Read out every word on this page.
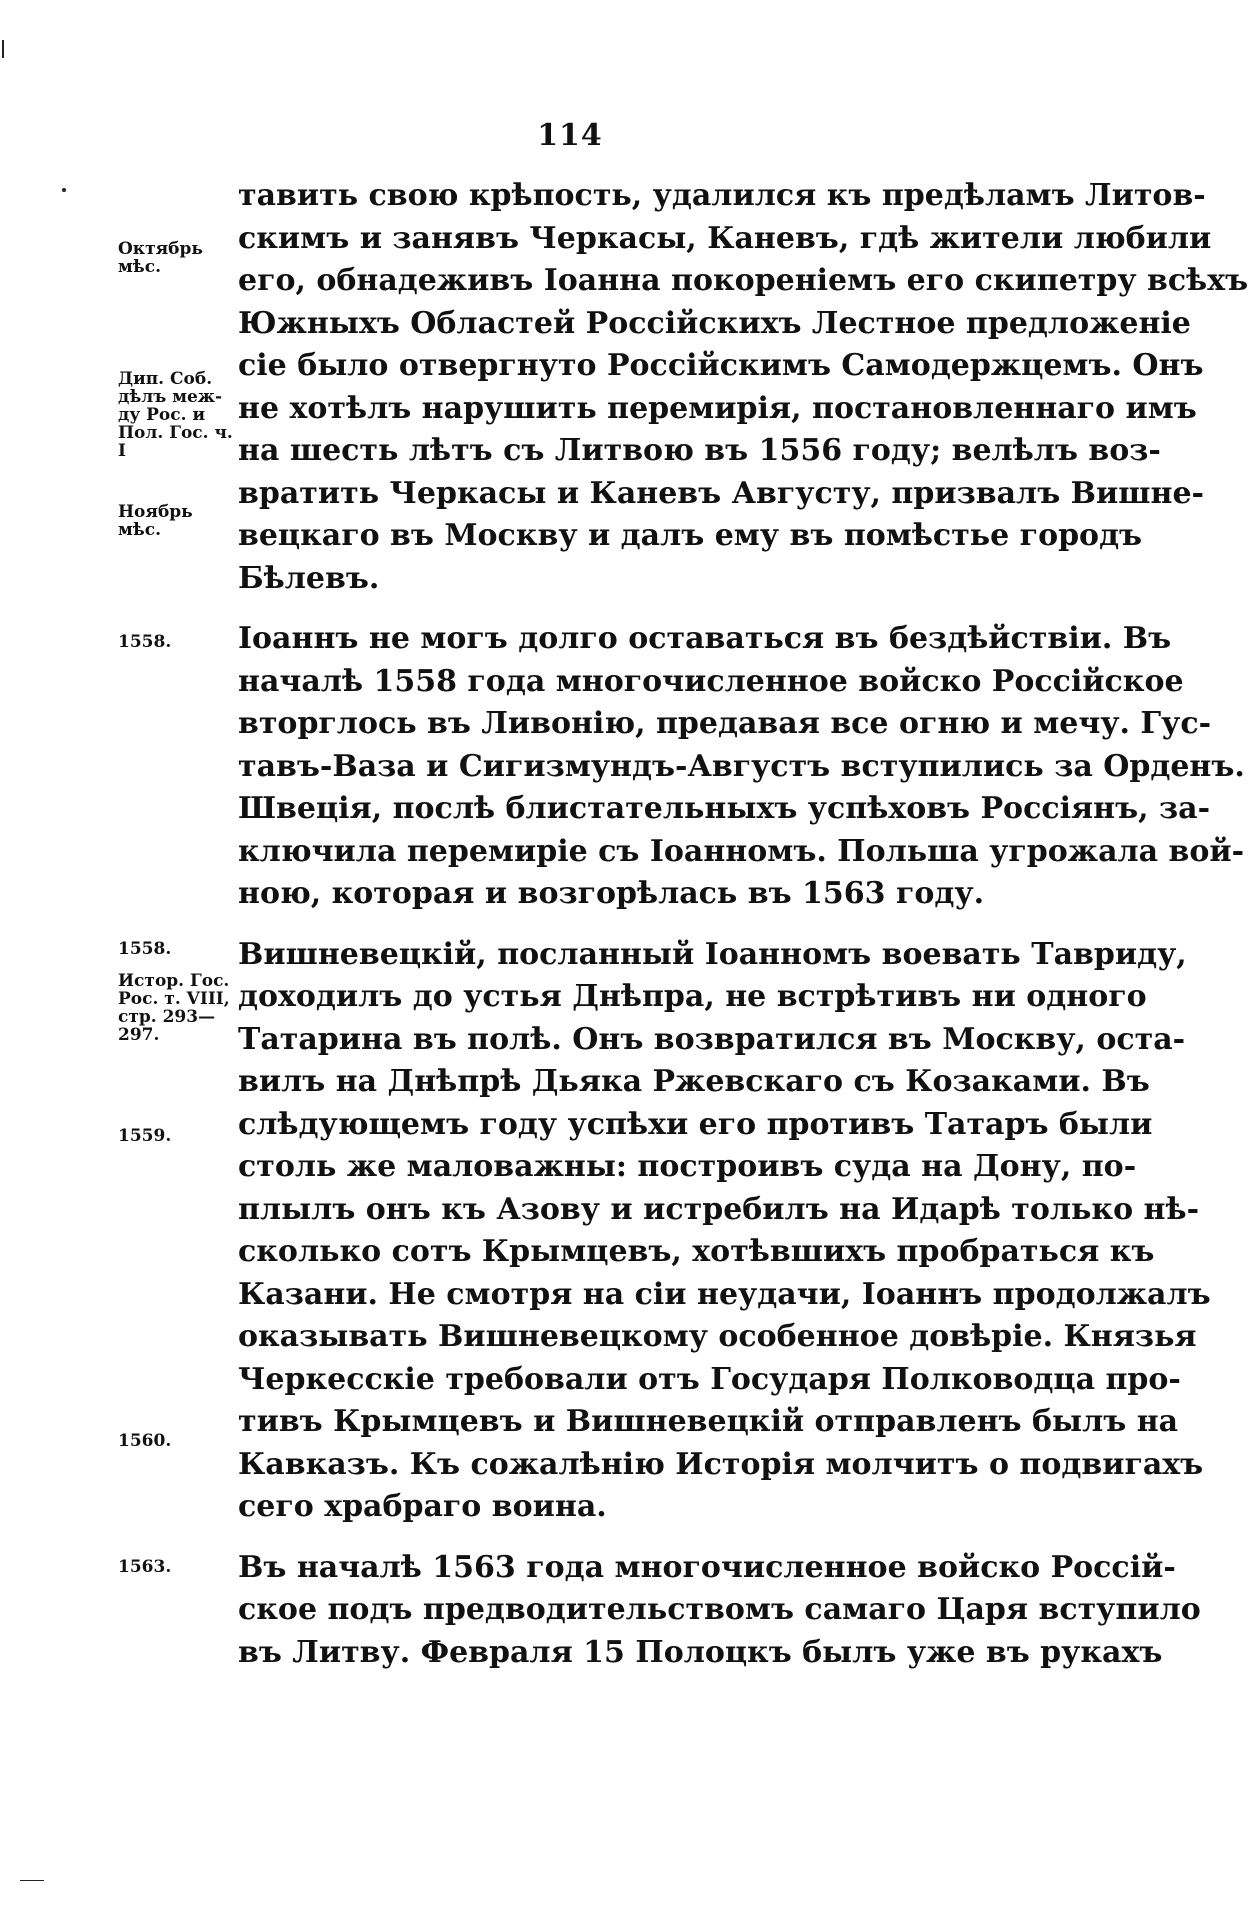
114
Октябрь мѣс.
Дип. Соб. дѣлъ меж-ду Рос. и Пол. Гос. ч. I
Ноябрь мѣс.
1558.
1558.
Истор. Гос. Рос. т. VIII, стр. 293—297.
1559.
1560.
1563.
тавить свою крѣпость, удалился къ предѣламъ Литов-
скимъ и занявъ Черкасы, Каневъ, гдѣ жители любили
его, обнадеживъ Іоанна покореніемъ его скипетру всѣхъ
Южныхъ Областей Россійскихъ Лестное предложеніе
сіе было отвергнуто Россійскимъ Самодержцемъ. Онъ
не хотѣлъ нарушить перемирія, постановленнаго имъ
на шесть лѣтъ съ Литвою въ 1556 году; велѣлъ воз-
вратить Черкасы и Каневъ Августу, призвалъ Вишне-
вецкаго въ Москву и далъ ему въ помѣстье городъ
Бѣлевъ.
Іоаннъ не могъ долго оставаться въ бездѣйствіи. Въ
началѣ 1558 года многочисленное войско Россійское
вторглось въ Ливонію, предавая все огню и мечу. Гус-
тавъ-Ваза и Сигизмундъ-Августъ вступились за Орденъ.
Швеція, послѣ блистательныхъ успѣховъ Россіянъ, за-
ключила перемиріе съ Іоанномъ. Польша угрожала вой-
ною, которая и возгорѣлась въ 1563 году.
Вишневецкій, посланный Іоанномъ воевать Тавриду,
доходилъ до устья Днѣпра, не встрѣтивъ ни одного
Татарина въ полѣ. Онъ возвратился въ Москву, оста-
вилъ на Днѣпрѣ Дьяка Ржевскаго съ Козаками. Въ
слѣдующемъ году успѣхи его противъ Татаръ были
столь же маловажны: построивъ суда на Дону, по-
плылъ онъ къ Азову и истребилъ на Идарѣ только нѣ-
сколько сотъ Крымцевъ, хотѣвшихъ пробраться къ
Казани. Не смотря на сіи неудачи, Іоаннъ продолжалъ
оказывать Вишневецкому особенное довѣріе. Князья
Черкесскіе требовали отъ Государя Полководца про-
тивъ Крымцевъ и Вишневецкій отправленъ былъ на
Кавказъ. Къ сожалѣнію Исторія молчитъ о подвигахъ
сего храбраго воина.
Въ началѣ 1563 года многочисленное войско Россій-
ское подъ предводительствомъ самаго Царя вступило
въ Литву. Февраля 15 Полоцкъ былъ уже въ рукахъ
